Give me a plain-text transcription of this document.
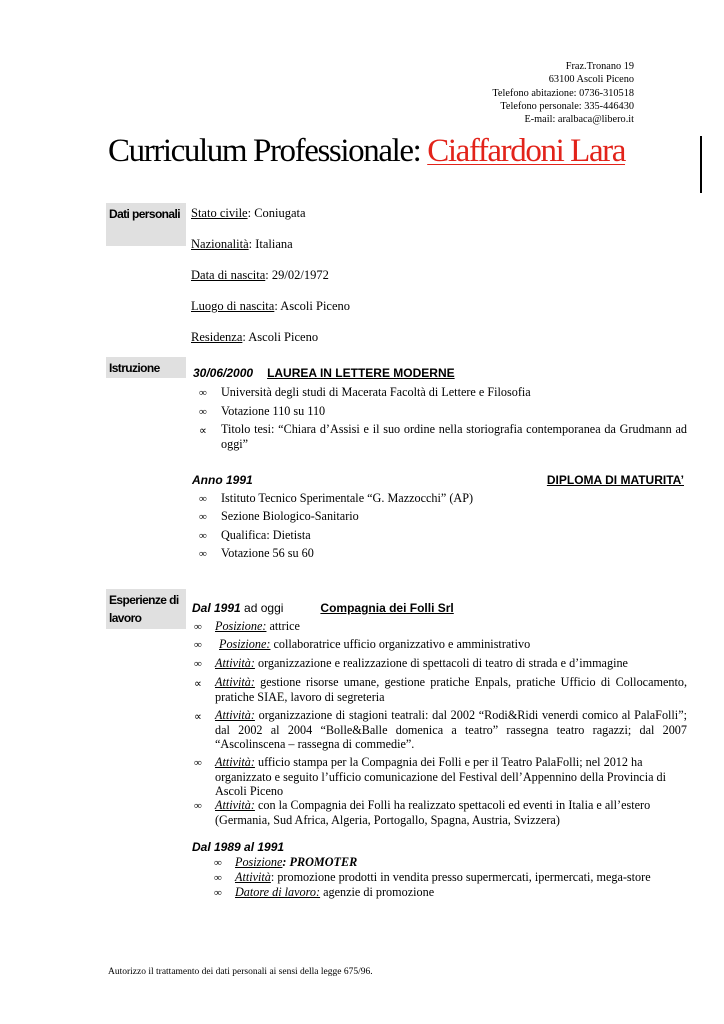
Fraz.Tronano 19
63100 Ascoli Piceno
Telefono abitazione: 0736-310518
Telefono personale: 335-446430
E-mail: aralbaca@libero.it
Curriculum Professionale: Ciaffardoni Lara
Dati personali Stato civile: Coniugata
Nazionalità: Italiana
Data di nascita: 29/02/1972
Luogo di nascita: Ascoli Piceno
Residenza: Ascoli Piceno
Istruzione	30/06/2000 LAUREA IN LETTERE MODERNE
∞ Università degli studi di Macerata Facoltà di Lettere e Filosofia
∞ Votazione 110 su 110
∝ Titolo tesi: “Chiara d’Assisi e il suo ordine nella storiografia contemporanea da Grudmann ad oggi”
Anno 1991	DIPLOMA DI MATURITA’
∞ Istituto Tecnico Sperimentale “G. Mazzocchi” (AP)
∞ Sezione Biologico-Sanitario
∞ Qualifica: Dietista
∞ Votazione 56 su 60
Esperienze di lavoro
Dal 1991 ad oggi	Compagnia dei Folli Srl
∞ Posizione: attrice
∞ Posizione: collaboratrice ufficio organizzativo e amministrativo
∞ Attività: organizzazione e realizzazione di spettacoli di teatro di strada e d’immagine
∝ Attività: gestione risorse umane, gestione pratiche Enpals, pratiche Ufficio di Collocamento, pratiche SIAE, lavoro di segreteria
∝ Attività: organizzazione di stagioni teatrali: dal 2002 “Rodi&Ridi venerdi comico al PalaFolli”; dal 2002 al 2004 “Bolle&Balle domenica a teatro” rassegna teatro ragazzi; dal 2007 “Ascolinscena – rassegna di commedie”.
∞ Attività: ufficio stampa per la Compagnia dei Folli e per il Teatro PalaFolli; nel 2012 ha organizzato e seguito l’ufficio comunicazione del Festival dell’Appennino della Provincia di Ascoli Piceno
∞ Attività: con la Compagnia dei Folli ha realizzato spettacoli ed eventi in Italia e all’estero (Germania, Sud Africa, Algeria, Portogallo, Spagna, Austria, Svizzera)
Dal 1989 al 1991
∞ Posizione: PROMOTER
∞ Attività: promozione prodotti in vendita presso supermercati, ipermercati, mega-store
∞ Datore di lavoro: agenzie di promozione
Autorizzo il trattamento dei dati personali ai sensi della legge 675/96.
